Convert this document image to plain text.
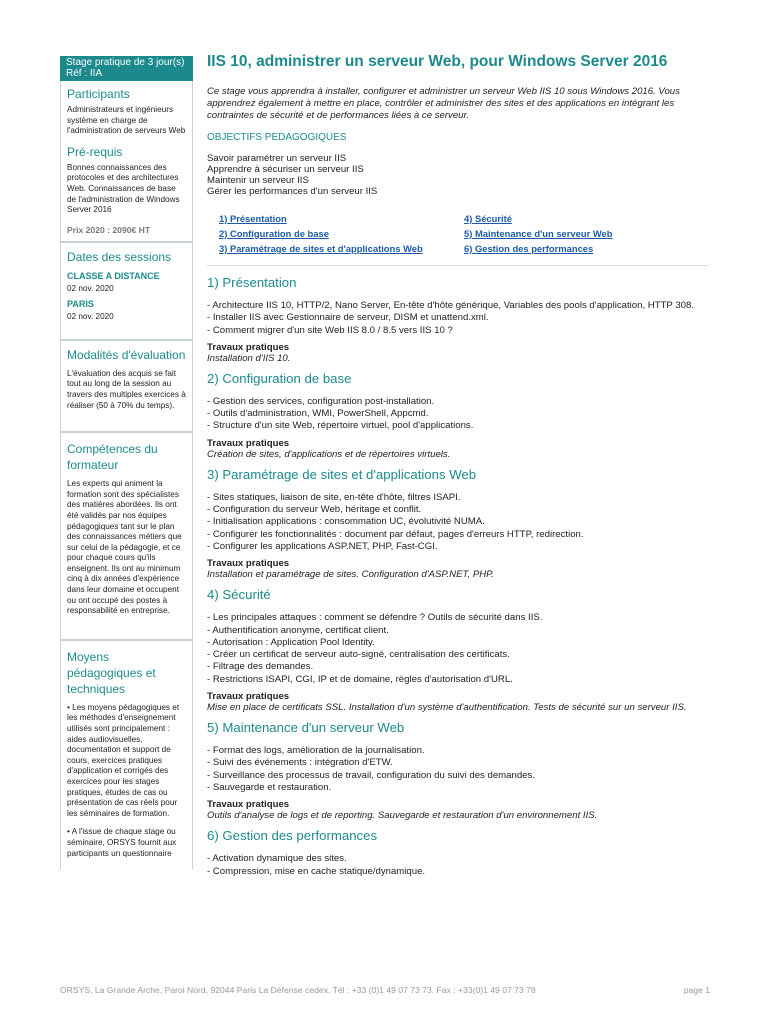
Stage pratique de 3 jour(s)
Réf : IIA
Participants
Administrateurs et ingénieurs système en charge de l'administration de serveurs Web
Pré-requis
Bonnes connaissances des protocoles et des architectures Web. Connaissances de base de l'administration de Windows Server 2016
Prix 2020 : 2090€ HT
Dates des sessions
CLASSE A DISTANCE
02 nov. 2020
PARIS
02 nov. 2020
Modalités d'évaluation
L'évaluation des acquis se fait tout au long de la session au travers des multiples exercices à réaliser (50 à 70% du temps).
Compétences du formateur
Les experts qui animent la formation sont des spécialistes des matières abordées. Ils ont été validés par nos équipes pédagogiques tant sur le plan des connaissances métiers que sur celui de la pédagogie, et ce pour chaque cours qu'ils enseignent. Ils ont au minimum cinq à dix années d'expérience dans leur domaine et occupent ou ont occupé des postes à responsabilité en entreprise.
Moyens pédagogiques et techniques
• Les moyens pédagogiques et les méthodes d'enseignement utilisés sont principalement : aides audiovisuelles, documentation et support de cours, exercices pratiques d'application et corrigés des exercices pour les stages pratiques, études de cas ou présentation de cas réels pour les séminaires de formation.
• A l'issue de chaque stage ou séminaire, ORSYS fournit aux participants un questionnaire
IIS 10, administrer un serveur Web, pour Windows Server 2016
Ce stage vous apprendra à installer, configurer et administrer un serveur Web IIS 10 sous Windows 2016. Vous apprendrez également à mettre en place, contrôler et administrer des sites et des applications en intégrant les contraintes de sécurité et de performances liées à ce serveur.
OBJECTIFS PEDAGOGIQUES
Savoir paramétrer un serveur IIS
Apprendre à sécuriser un serveur IIS
Maintenir un serveur IIS
Gérer les performances d'un serveur IIS
1) Présentation
2) Configuration de base
3) Paramétrage de sites et d'applications Web
4) Sécurité
5) Maintenance d'un serveur Web
6) Gestion des performances
1) Présentation
- Architecture IIS 10, HTTP/2, Nano Server, En-tête d'hôte générique, Variables des pools d'application, HTTP 308.
- Installer IIS avec Gestionnaire de serveur, DISM et unattend.xml.
- Comment migrer d'un site Web IIS 8.0 / 8.5 vers IIS 10 ?
Travaux pratiques
Installation d'IIS 10.
2) Configuration de base
- Gestion des services, configuration post-installation.
- Outils d'administration, WMI, PowerShell, Appcmd.
- Structure d'un site Web, répertoire virtuel, pool d'applications.
Travaux pratiques
Création de sites, d'applications et de répertoires virtuels.
3) Paramétrage de sites et d'applications Web
- Sites statiques, liaison de site, en-tête d'hôte, filtres ISAPI.
- Configuration du serveur Web, héritage et conflit.
- Initialisation applications : consommation UC, évolutivité NUMA.
- Configurer les fonctionnalités : document par défaut, pages d'erreurs HTTP, redirection.
- Configurer les applications ASP.NET, PHP, Fast-CGI.
Travaux pratiques
Installation et paramétrage de sites. Configuration d'ASP.NET, PHP.
4) Sécurité
- Les principales attaques : comment se défendre ? Outils de sécurité dans IIS.
- Authentification anonyme, certificat client.
- Autorisation : Application Pool Identity.
- Créer un certificat de serveur auto-signé, centralisation des certificats.
- Filtrage des demandes.
- Restrictions ISAPI, CGI, IP et de domaine, règles d'autorisation d'URL.
Travaux pratiques
Mise en place de certificats SSL. Installation d'un système d'authentification. Tests de sécurité sur un serveur IIS.
5) Maintenance d'un serveur Web
- Format des logs, amélioration de la journalisation.
- Suivi des événements : intégration d'ETW.
- Surveillance des processus de travail, configuration du suivi des demandes.
- Sauvegarde et restauration.
Travaux pratiques
Outils d'analyse de logs et de reporting. Sauvegarde et restauration d'un environnement IIS.
6) Gestion des performances
- Activation dynamique des sites.
- Compression, mise en cache statique/dynamique.
ORSYS, La Grande Arche, Paroi Nord, 92044 Paris La Défense cedex. Tél : +33 (0)1 49 07 73 73. Fax : +33(0)1 49 07 73 78	page 1
